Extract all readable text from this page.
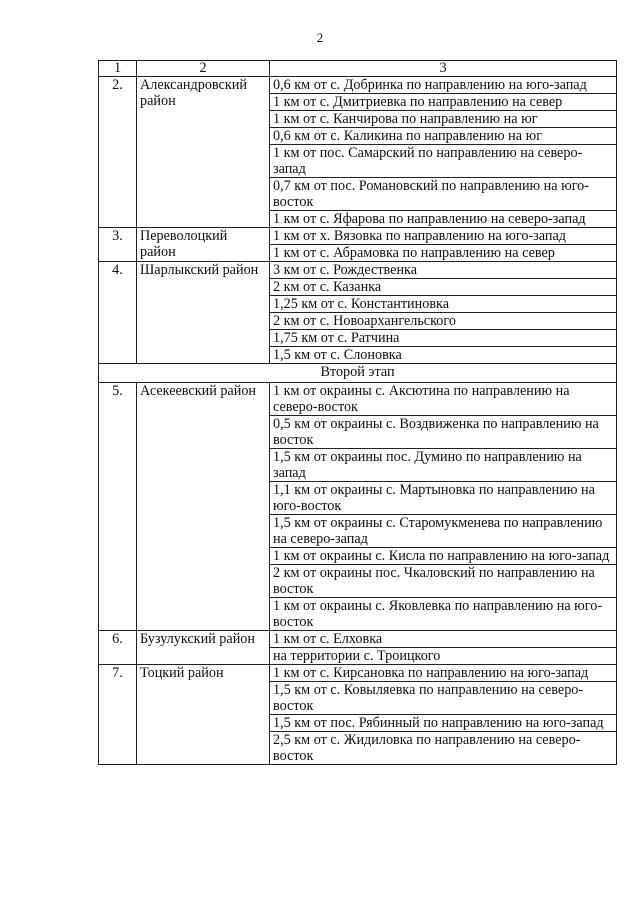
2
1	2	3
2.	Александровский район	0,6 км от с. Добринка по направлению на юго-запад
		1 км от с. Дмитриевка по направлению на север
		1 км от с. Канчирова по направлению на юг
		0,6 км от с. Каликина по направлению на юг
		1 км от пос. Самарский по направлению на северо-запад
		0,7 км от пос. Романовский по направлению на юго-восток
		1 км от с. Яфарова по направлению на северо-запад
3.	Переволоцкий район	1 км от х. Вязовка по направлению на юго-запад
		1 км от с. Абрамовка по направлению на север
4.	Шарлыкский район	3 км от с. Рождественка
		2 км от с. Казанка
		1,25 км от с. Константиновка
		2 км от с. Новоархангельского
		1,75 км от с. Ратчина
		1,5 км от с. Слоновка
Второй этап		
5.	Асекеевский район	1 км от окраины с. Аксютина по направлению на северо-восток
		0,5 км от окраины с. Воздвиженка по направлению на восток
		1,5 км от окраины пос. Думино по направлению на запад
		1,1 км от окраины с. Мартыновка по направлению на юго-восток
		1,5 км от окраины с. Старомукменева по направлению на северо-запад
		1 км от окраины с. Кисла по направлению на юго-запад
		2 км от окраины пос. Чкаловский по направлению на восток
		1 км от окраины с. Яковлевка по направлению на юго-восток
6.	Бузулукский район	1 км от с. Елховка
		на территории с. Троицкого
7.	Тоцкий район	1 км от с. Кирсановка по направлению на юго-запад
		1,5 км от с. Ковыляевка по направлению на северо-восток
		1,5 км от пос. Рябинный по направлению на юго-запад
		2,5 км от с. Жидиловка по направлению на северо-восток
